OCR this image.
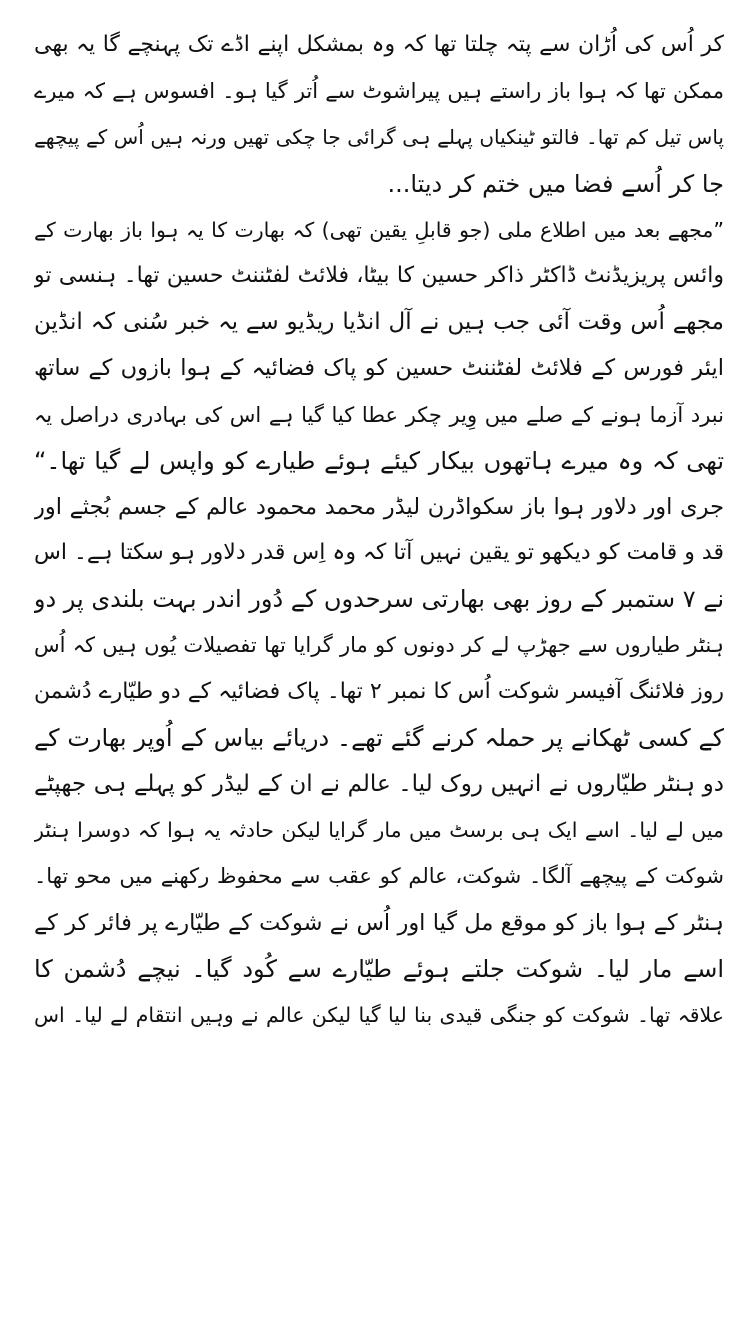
کر اُس کی اُڑان سے پتہ چلتا تھا کہ وہ بمشکل اپنے اڈے تک پہنچے گا یہ بھی
ممکن تھا کہ ہوا باز راستے ہیں پیراشوٹ سے اُتر گیا ہو۔ افسوس ہے کہ میرے
پاس تیل کم تھا۔ فالتو ٹینکیاں پہلے ہی گرائی جا چکی تھیں ورنہ ہیں اُس کے پیچھے
جا کر اُسے فضا میں ختم کر دیتا...
”مجھے بعد میں اطلاع ملی (جو قابلِ یقین تھی) کہ بھارت کا یہ ہوا باز بھارت کے
وائس پریزیڈنٹ ڈاکٹر ذاکر حسین کا بیٹا، فلائٹ لفٹننٹ حسین تھا۔ ہنسی تو
مجھے اُس وقت آئی جب ہیں نے آل انڈیا ریڈیو سے یہ خبر سُنی کہ انڈین
ایئر فورس کے فلائٹ لفٹننٹ حسین کو پاک فضائیہ کے ہوا بازوں کے ساتھ
نبرد آزما ہونے کے صلے میں وِیر چکر عطا کیا گیا ہے اس کی بہادری دراصل یہ
تھی کہ وہ میرے ہاتھوں بیکار کیئے ہوئے طیارے کو واپس لے گیا تھا۔“
جری اور دلاور ہوا باز سکواڈرن لیڈر محمد محمود عالم کے جسم بُجثے اور
قد و قامت کو دیکھو تو یقین نہیں آتا کہ وہ اِس قدر دلاور ہو سکتا ہے۔ اس
نے ۷ ستمبر کے روز بھی بھارتی سرحدوں کے دُور اندر بہت بلندی پر دو
ہنٹر طیاروں سے جھڑپ لے کر دونوں کو مار گرایا تھا تفصیلات یُوں ہیں کہ اُس
روز فلائنگ آفیسر شوکت اُس کا نمبر ۲ تھا۔ پاک فضائیہ کے دو طیّارے دُشمن
کے کسی ٹھکانے پر حملہ کرنے گئے تھے۔ دریائے بیاس کے اُوپر بھارت کے
دو ہنٹر طیّاروں نے انہیں روک لیا۔ عالم نے ان کے لیڈر کو پہلے ہی جھپٹے
میں لے لیا۔ اسے ایک ہی برسٹ میں مار گرایا لیکن حادثہ یہ ہوا کہ دوسرا ہنٹر
شوکت کے پیچھے آلگا۔ شوکت، عالم کو عقب سے محفوظ رکھنے میں محو تھا۔
ہنٹر کے ہوا باز کو موقع مل گیا اور اُس نے شوکت کے طیّارے پر فائر کر کے
اسے مار لیا۔ شوکت جلتے ہوئے طیّارے سے کُود گیا۔ نیچے دُشمن کا
علاقہ تھا۔ شوکت کو جنگی قیدی بنا لیا گیا لیکن عالم نے وہیں انتقام لے لیا۔ اس
